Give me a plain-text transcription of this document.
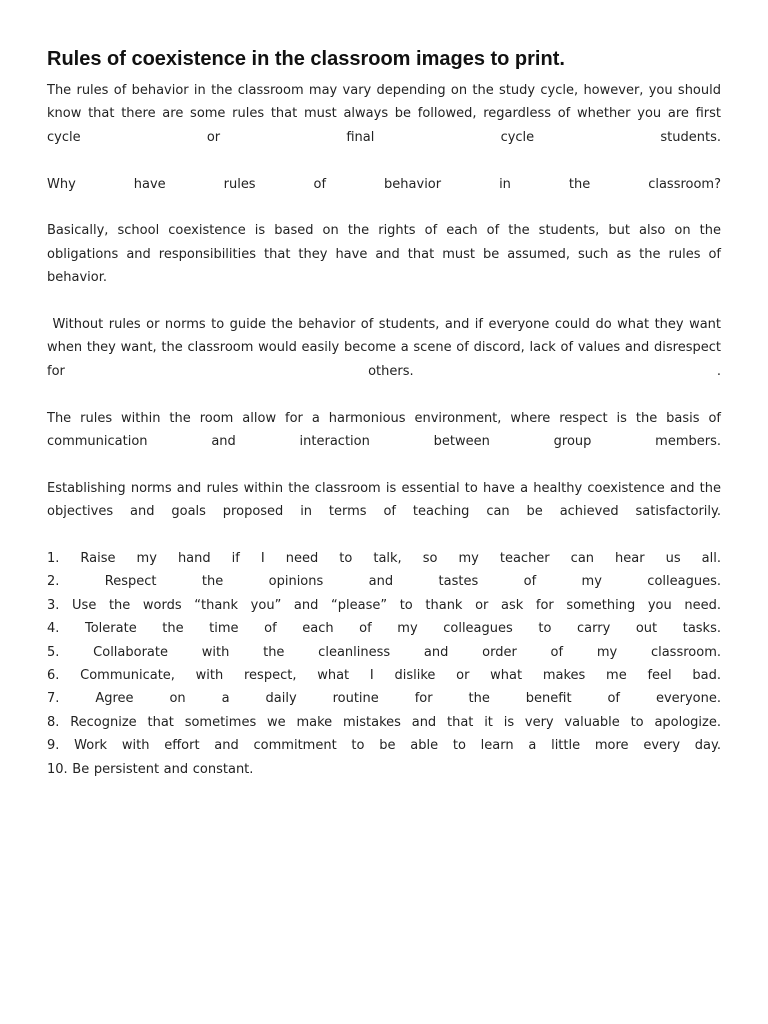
Rules of coexistence in the classroom images to print.

The rules of behavior in the classroom may vary depending on the study cycle, however, you should know that there are some rules that must always be followed, regardless of whether you are first cycle or final cycle students.

Why have rules of behavior in the classroom?

Basically, school coexistence is based on the rights of each of the students, but also on the obligations and responsibilities that they have and that must be assumed, such as the rules of behavior.

Without rules or norms to guide the behavior of students, and if everyone could do what they want when they want, the classroom would easily become a scene of discord, lack of values and disrespect for others. .

The rules within the room allow for a harmonious environment, where respect is the basis of communication and interaction between group members.

Establishing norms and rules within the classroom is essential to have a healthy coexistence and the objectives and goals proposed in terms of teaching can be achieved satisfactorily.

1. Raise my hand if I need to talk, so my teacher can hear us all.
2. Respect the opinions and tastes of my colleagues.
3. Use the words “thank you” and “please” to thank or ask for something you need.
4. Tolerate the time of each of my colleagues to carry out tasks.
5. Collaborate with the cleanliness and order of my classroom.
6. Communicate, with respect, what I dislike or what makes me feel bad.
7. Agree on a daily routine for the benefit of everyone.
8. Recognize that sometimes we make mistakes and that it is very valuable to apologize.
9. Work with effort and commitment to be able to learn a little more every day.
10. Be persistent and constant.
